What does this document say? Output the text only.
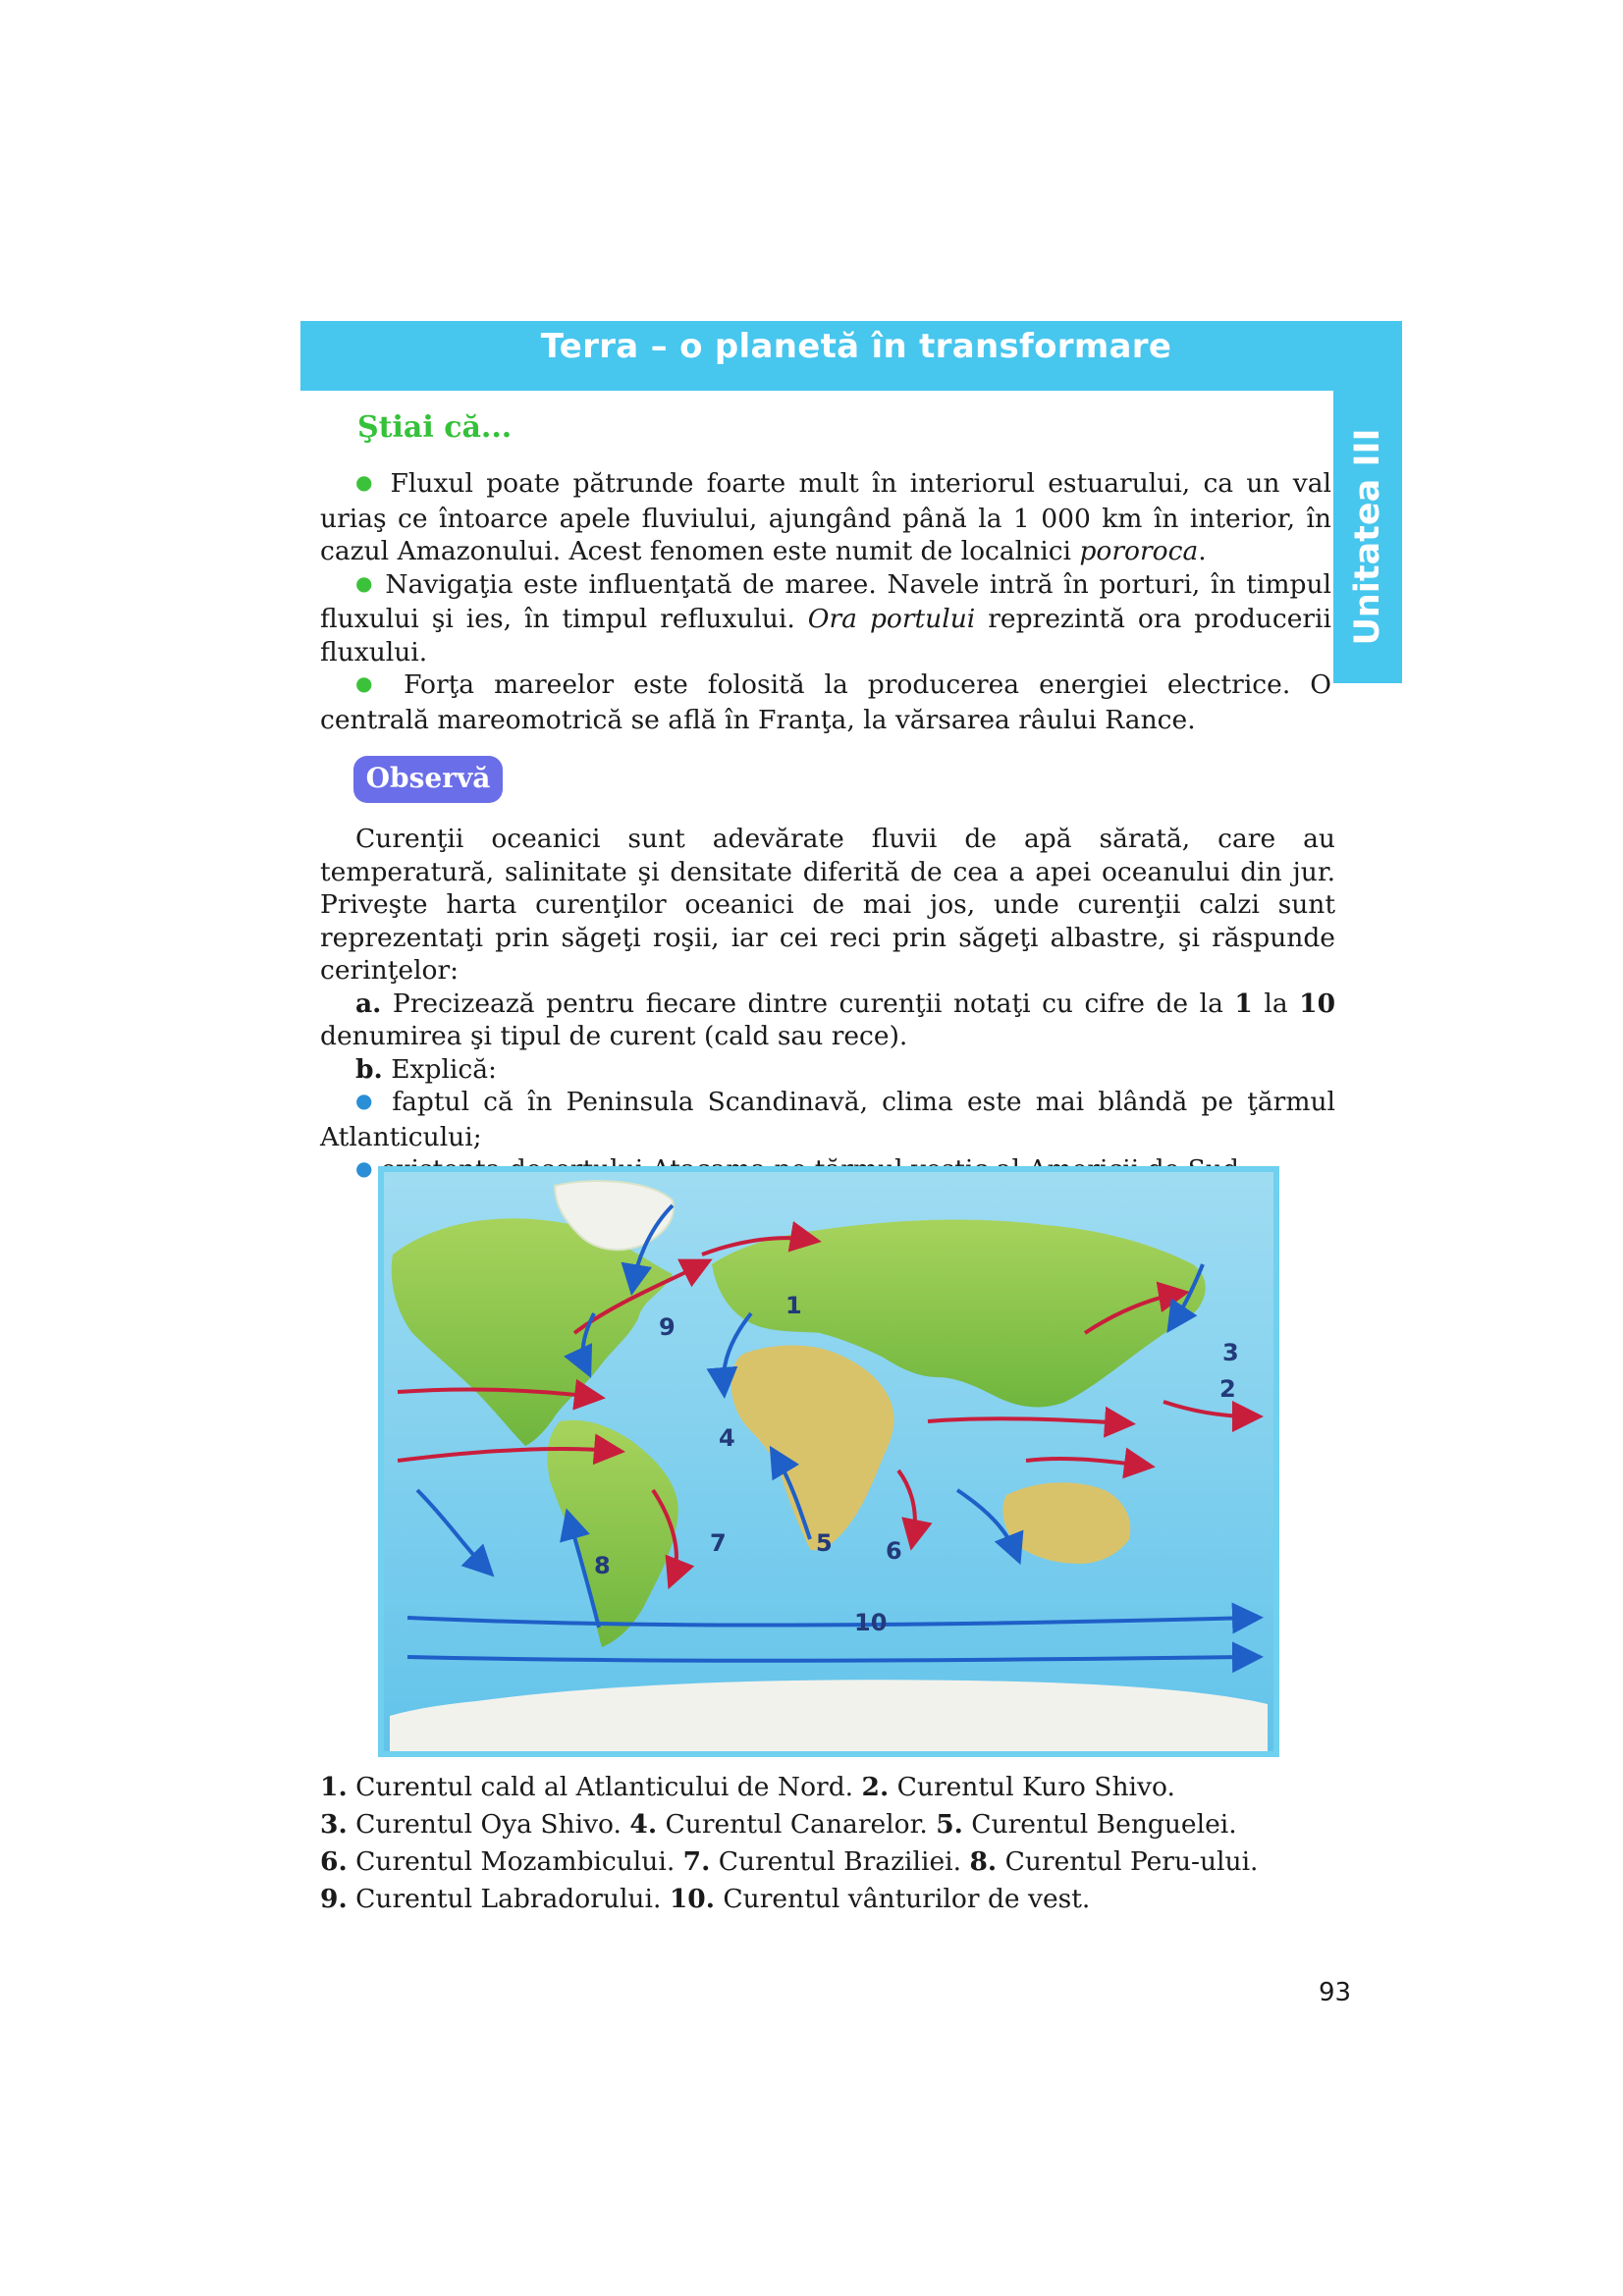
Terra – o planetă în transformare
Unitatea III
Ştiai că...

● Fluxul poate pătrunde foarte mult în interiorul estuarului, ca un val uriaş ce întoarce apele fluviului, ajungând până la 1 000 km în interior, în cazul Amazonului. Acest fenomen este numit de localnici pororoca.

● Navigaţia este influenţată de maree. Navele intră în porturi, în timpul fluxului şi ies, în timpul refluxului. Ora portului reprezintă ora producerii fluxului.

● Forţa mareelor este folosită la producerea energiei electrice. O centrală mareomotrică se află în Franţa, la vărsarea râului Rance.

Observă

Curenţii oceanici sunt adevărate fluvii de apă sărată, care au temperatură, salinitate şi densitate diferită de cea a apei oceanului din jur. Priveşte harta curenţilor oceanici de mai jos, unde curenţii calzi sunt reprezentaţi prin săgeţi roşii, iar cei reci prin săgeţi albastre, şi răspunde cerinţelor:

a. Precizează pentru fiecare dintre curenţii notaţi cu cifre de la 1 la 10 denumirea şi tipul de curent (cald sau rece).

b. Explică:

● faptul că în Peninsula Scandinavă, clima este mai blândă pe ţărmul Atlanticului;

●

1
2
3
4
5 6
7
8
9
10

1. Curentul cald al Atlanticului de Nord. 2. Curentul Kuro Shivo.

3. Curentul Oya Shivo. 4. Curentul Canarelor. 5. Curentul Benguelei.

6. Curentul Mozambicului. 7. Curentul Braziliei. 8. Curentul Peru-ului.

9. Curentul Labradorului. 10. Curentul vânturilor de vest.

93
